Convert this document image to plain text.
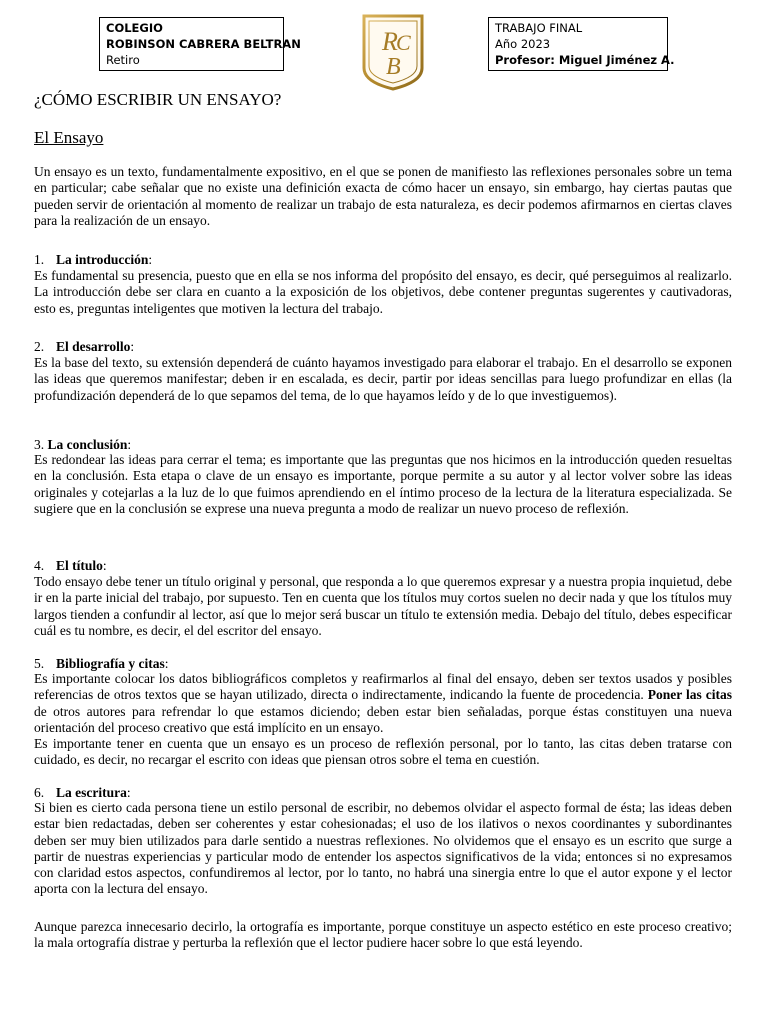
COLEGIO
ROBINSON CABRERA BELTRAN
Retiro
R
C
B
TRABAJO FINAL
Año 2023
Profesor: Miguel Jiménez A.
¿CÓMO ESCRIBIR UN ENSAYO?
El Ensayo

Un ensayo es un texto, fundamentalmente expositivo, en el que se ponen de manifiesto las reflexiones personales sobre un tema en particular; cabe señalar que no existe una definición exacta de cómo hacer un ensayo, sin embargo, hay ciertas pautas que pueden servir de orientación al momento de realizar un trabajo de esta naturaleza, es decir podemos afirmarnos en ciertas claves para la realización de un ensayo.

1. La introducción:

Es fundamental su presencia, puesto que en ella se nos informa del propósito del ensayo, es decir, qué perseguimos al realizarlo. La introducción debe ser clara en cuanto a la exposición de los objetivos, debe contener preguntas sugerentes y cautivadoras, esto es, preguntas inteligentes que motiven la lectura del trabajo.

2. El desarrollo:

Es la base del texto, su extensión dependerá de cuánto hayamos investigado para elaborar el trabajo. En el desarrollo se exponen las ideas que queremos manifestar; deben ir en escalada, es decir, partir por ideas sencillas para luego profundizar en ellas (la profundización dependerá de lo que sepamos del tema, de lo que hayamos leído y de lo que investiguemos).

3. La conclusión:

Es redondear las ideas para cerrar el tema; es importante que las preguntas que nos hicimos en la introducción queden resueltas en la conclusión. Esta etapa o clave de un ensayo es importante, porque permite a su autor y al lector volver sobre las ideas originales y cotejarlas a la luz de lo que fuimos aprendiendo en el íntimo proceso de la lectura de la literatura especializada. Se sugiere que en la conclusión se exprese una nueva pregunta a modo de realizar un nuevo proceso de reflexión.

4. El título:

Todo ensayo debe tener un título original y personal, que responda a lo que queremos expresar y a nuestra propia inquietud, debe ir en la parte inicial del trabajo, por supuesto. Ten en cuenta que los títulos muy cortos suelen no decir nada y que los títulos muy largos tienden a confundir al lector, así que lo mejor será buscar un título te extensión media. Debajo del título, debes especificar cuál es tu nombre, es decir, el del escritor del ensayo.

5. Bibliografía y citas:

Es importante colocar los datos bibliográficos completos y reafirmarlos al final del ensayo, deben ser textos usados y posibles referencias de otros textos que se hayan utilizado, directa o indirectamente, indicando la fuente de procedencia. Poner las citas de otros autores para refrendar lo que estamos diciendo; deben estar bien señaladas, porque éstas constituyen una nueva orientación del proceso creativo que está implícito en un ensayo.

Es importante tener en cuenta que un ensayo es un proceso de reflexión personal, por lo tanto, las citas deben tratarse con cuidado, es decir, no recargar el escrito con ideas que piensan otros sobre el tema en cuestión.

6. La escritura:

Si bien es cierto cada persona tiene un estilo personal de escribir, no debemos olvidar el aspecto formal de ésta; las ideas deben estar bien redactadas, deben ser coherentes y estar cohesionadas; el uso de los ilativos o nexos coordinantes y subordinantes deben ser muy bien utilizados para darle sentido a nuestras reflexiones. No olvidemos que el ensayo es un escrito que surge a partir de nuestras experiencias y particular modo de entender los aspectos significativos de la vida; entonces si no expresamos con claridad estos aspectos, confundiremos al lector, por lo tanto, no habrá una sinergia entre lo que el autor expone y el lector aporta con la lectura del ensayo.

Aunque parezca innecesario decirlo, la ortografía es importante, porque constituye un aspecto estético en este proceso creativo; la mala ortografía distrae y perturba la reflexión que el lector pudiere hacer sobre lo que está leyendo.
